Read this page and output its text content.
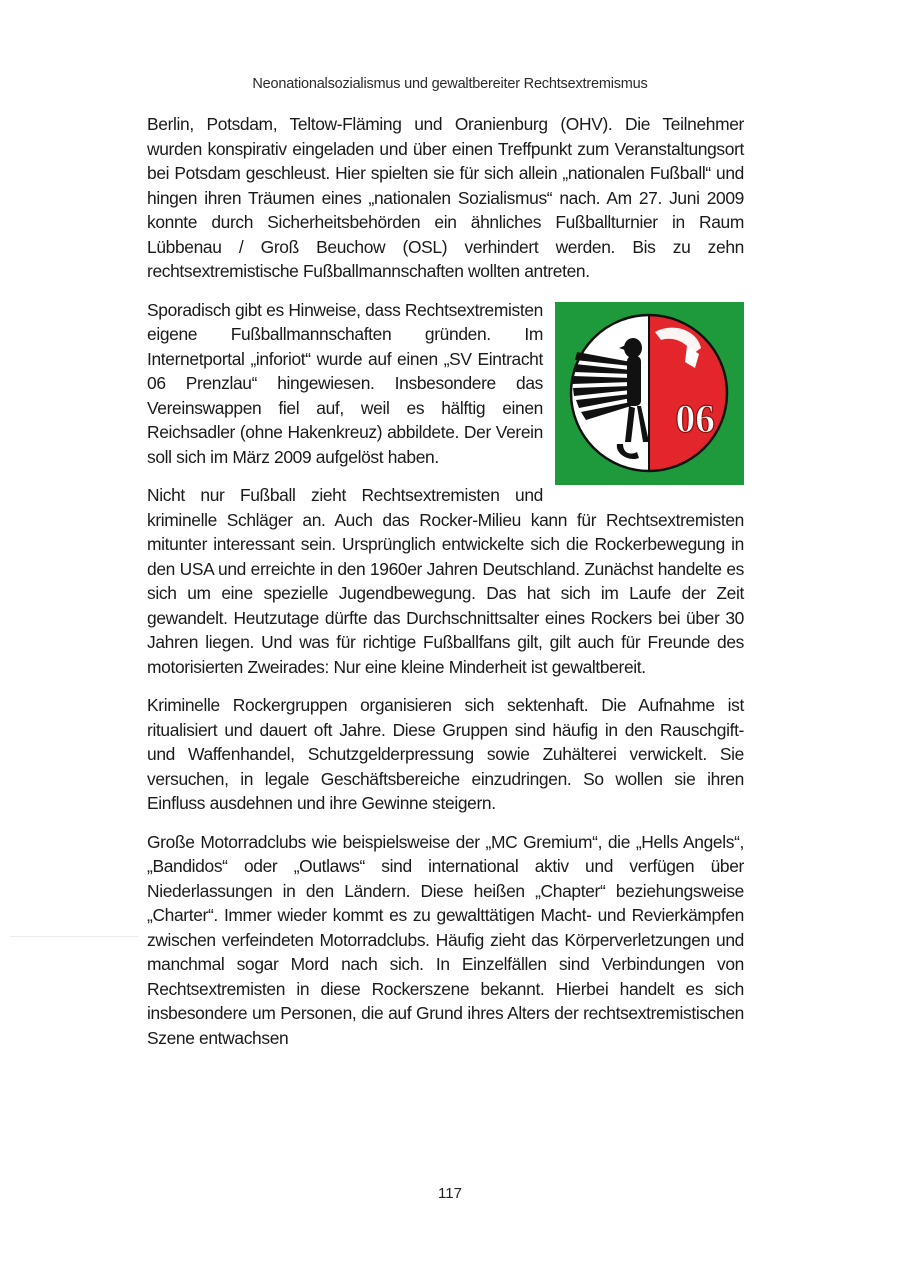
Neonationalsozialismus und gewaltbereiter Rechtsextremismus

Berlin, Potsdam, Teltow-Fläming und Oranienburg (OHV). Die Teilnehmer wurden konspirativ eingeladen und über einen Treffpunkt zum Veranstaltungsort bei Potsdam geschleust. Hier spielten sie für sich allein „nationalen Fußball“ und hingen ihren Träumen eines „nationalen Sozialismus“ nach. Am 27. Juni 2009 konnte durch Sicherheitsbehörden ein ähnliches Fußballturnier in Raum Lübbenau / Groß Beuchow (OSL) verhindert werden. Bis zu zehn rechtsextremistische Fußballmannschaften wollten antreten.

06

Sporadisch gibt es Hinweise, dass Rechtsextremisten eigene Fußballmannschaften gründen. Im Internetportal „inforiot“ wurde auf einen „SV Eintracht 06 Prenzlau“ hingewiesen. Insbesondere das Vereinswappen fiel auf, weil es hälftig einen Reichsadler (ohne Hakenkreuz) abbildete. Der Verein soll sich im März 2009 aufgelöst haben.

Nicht nur Fußball zieht Rechtsextremisten und kriminelle Schläger an. Auch das Rocker-Milieu kann für Rechtsextremisten mitunter interessant sein. Ursprünglich entwickelte sich die Rockerbewegung in den USA und erreichte in den 1960er Jahren Deutschland. Zunächst handelte es sich um eine spezielle Jugendbewegung. Das hat sich im Laufe der Zeit gewandelt. Heutzutage dürfte das Durchschnittsalter eines Rockers bei über 30 Jahren liegen. Und was für richtige Fußballfans gilt, gilt auch für Freunde des motorisierten Zweirades: Nur eine kleine Minderheit ist gewaltbereit.

Kriminelle Rockergruppen organisieren sich sektenhaft. Die Aufnahme ist ritualisiert und dauert oft Jahre. Diese Gruppen sind häufig in den Rauschgift- und Waffenhandel, Schutzgelderpressung sowie Zuhälterei verwickelt. Sie versuchen, in legale Geschäftsbereiche einzudringen. So wollen sie ihren Einfluss ausdehnen und ihre Gewinne steigern.

Große Motorradclubs wie beispielsweise der „MC Gremium“, die „Hells Angels“, „Bandidos“ oder „Outlaws“ sind international aktiv und verfügen über Niederlassungen in den Ländern. Diese heißen „Chapter“ beziehungsweise „Charter“. Immer wieder kommt es zu gewalttätigen Macht- und Revierkämpfen zwischen verfeindeten Motorradclubs. Häufig zieht das Körperverletzungen und manchmal sogar Mord nach sich. In Einzelfällen sind Verbindungen von Rechtsextremisten in diese Rockerszene bekannt. Hierbei handelt es sich insbesondere um Personen, die auf Grund ihres Alters der rechtsextremistischen Szene entwachsen

117
